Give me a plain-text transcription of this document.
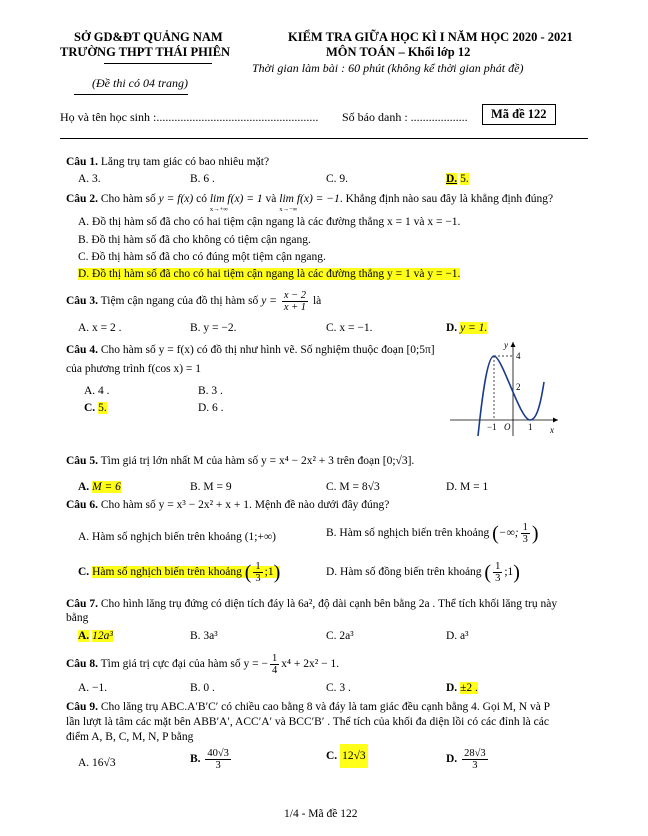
SỞ GD&ĐT QUẢNG NAM
TRƯỜNG THPT THÁI PHIÊN
(Đề thi có 04 trang)
KIỂM TRA GIỮA HỌC KÌ I NĂM HỌC 2020 - 2021
MÔN TOÁN – Khối lớp 12
Thời gian làm bài : 60 phút (không kể thời gian phát đề)
Họ và tên học sinh :...................................................... Số báo danh : ...................	Mã đề 122
Câu 1. Lăng trụ tam giác có bao nhiêu mặt?
A. 3.	B. 6 .	C. 9.	D. 5.
Câu 2. Cho hàm số y = f(x) có lim f(x) = 1
x→+∞
và lim f(x) = −1
x→−∞
. Khẳng định nào sau đây là khẳng định đúng?
A. Đồ thị hàm số đã cho có hai tiệm cận ngang là các đường thẳng x = 1 và x = −1.
B. Đồ thị hàm số đã cho không có tiệm cận ngang.
C. Đồ thị hàm số đã cho có đúng một tiệm cận ngang.
D. Đồ thị hàm số đã cho có hai tiệm cận ngang là các đường thẳng y = 1 và y = −1.
Câu 3. Tiệm cận ngang của đồ thị hàm số $y = \frac{x - 2}{x + 1}$ là
A. x = 2 .	B. y = −2.	C. x = −1.	D. y = 1.
Câu 4. Cho hàm số y = f(x) có đồ thị như hình vẽ. Số nghiệm thuộc đoạn [0;5π]
của phương trình f(cos x) = 1
A. 4 .	B. 3 .
C. 5.	D. 6 .
y
x
4
2
−1 O 1
Câu 5. Tìm giá trị lớn nhất M của hàm số y = x⁴ − 2x² + 3 trên đoạn [0;√3].
A. M = 6	B. M = 9	C. M = 8√3	D. M = 1
Câu 6. Cho hàm số y = x³ − 2x² + x + 1. Mệnh đề nào dưới đây đúng?
A. Hàm số nghịch biến trên khoảng (1;+∞)	B. Hàm số nghịch biến trên khoảng (−∞; $\frac{1}{3}$ )
C. Hàm số nghịch biến trên khoảng ( $\frac{1}{3}$ ;1)	D. Hàm số đồng biến trên khoảng ( $\frac{1}{3}$ ;1)
Câu 7. Cho hình lăng trụ đứng có diện tích đáy là 6a², độ dài cạnh bên bằng 2a . Thể tích khối lăng trụ này
bằng
A. 12a³	B. 3a³	C. 2a³	D. a³
Câu 8. Tìm giá trị cực đại của hàm số y = − $\frac{1}{4} x^4 + 2x^2 - 1$.
A. −1.	B. 0 .	C. 3 .	D. ±2 .
Câu 9. Cho lăng trụ ABC.A′B′C′ có chiều cao bằng 8 và đáy là tam giác đều cạnh bằng 4. Gọi M, N và P
lần lượt là tâm các mặt bên ABB′A′, ACC′A′ và BCC′B′ . Thể tích của khối đa diện lồi có các đỉnh là các
điểm A, B, C, M, N, P bằng
A. 16√3	B. $\frac{40√3}{3}$	C. 12√3	D. $\frac{28√3}{3}$
1/4 - Mã đề 122
